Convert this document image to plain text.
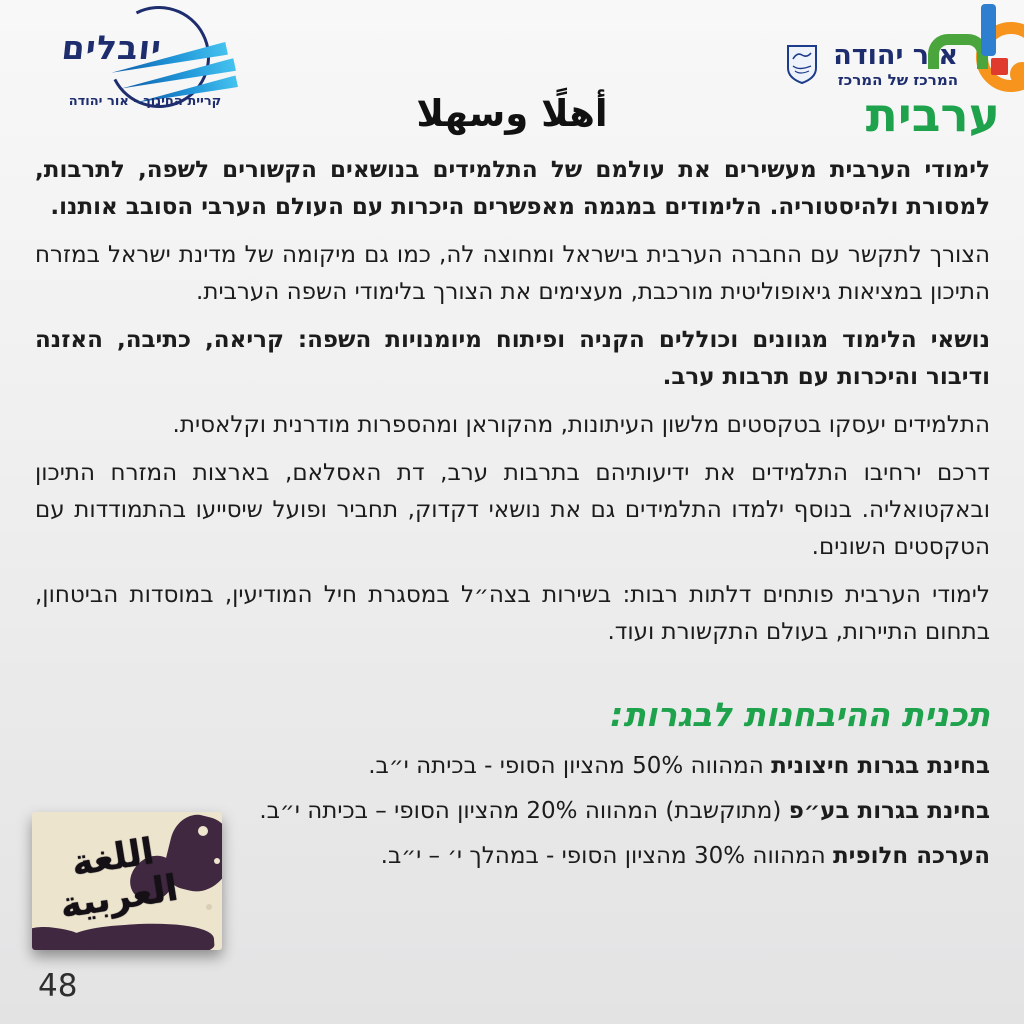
יובלים
קריית החינוך - אור יהודה
אור יהודה
המרכז של המרכז
ערבית
أهلًا وسهلا

לימודי הערבית מעשירים את עולמם של התלמידים בנושאים הקשורים לשפה, לתרבות, למסורת ולהיסטוריה. הלימודים במגמה מאפשרים היכרות עם העולם הערבי הסובב אותנו.

הצורך לתקשר עם החברה הערבית בישראל ומחוצה לה, כמו גם מיקומה של מדינת ישראל במזרח התיכון במציאות גיאופוליטית מורכבת, מעצימים את הצורך בלימודי השפה הערבית.

נושאי הלימוד מגוונים וכוללים הקניה ופיתוח מיומנויות השפה: קריאה, כתיבה, האזנה ודיבור והיכרות עם תרבות ערב.

התלמידים יעסקו בטקסטים מלשון העיתונות, מהקוראן ומהספרות מודרנית וקלאסית.

דרכם ירחיבו התלמידים את ידיעותיהם בתרבות ערב, דת האסלאם, בארצות המזרח התיכון ובאקטואליה. בנוסף ילמדו התלמידים גם את נושאי דקדוק, תחביר ופועל שיסייעו בהתמודדות עם הטקסטים השונים.

לימודי הערבית פותחים דלתות רבות: בשירות בצה״ל במסגרת חיל המודיעין, במוסדות הביטחון, בתחום התיירות, בעולם התקשורת ועוד.

תכנית ההיבחנות לבגרות:
בחינת בגרות חיצונית המהווה 50% מהציון הסופי - בכיתה י״ב.
בחינת בגרות בע״פ (מתוקשבת) המהווה 20% מהציון הסופי – בכיתה י״ב.
הערכה חלופית המהווה 30% מהציון הסופי - במהלך י׳ – י״ב.
اللغة العربية
48
